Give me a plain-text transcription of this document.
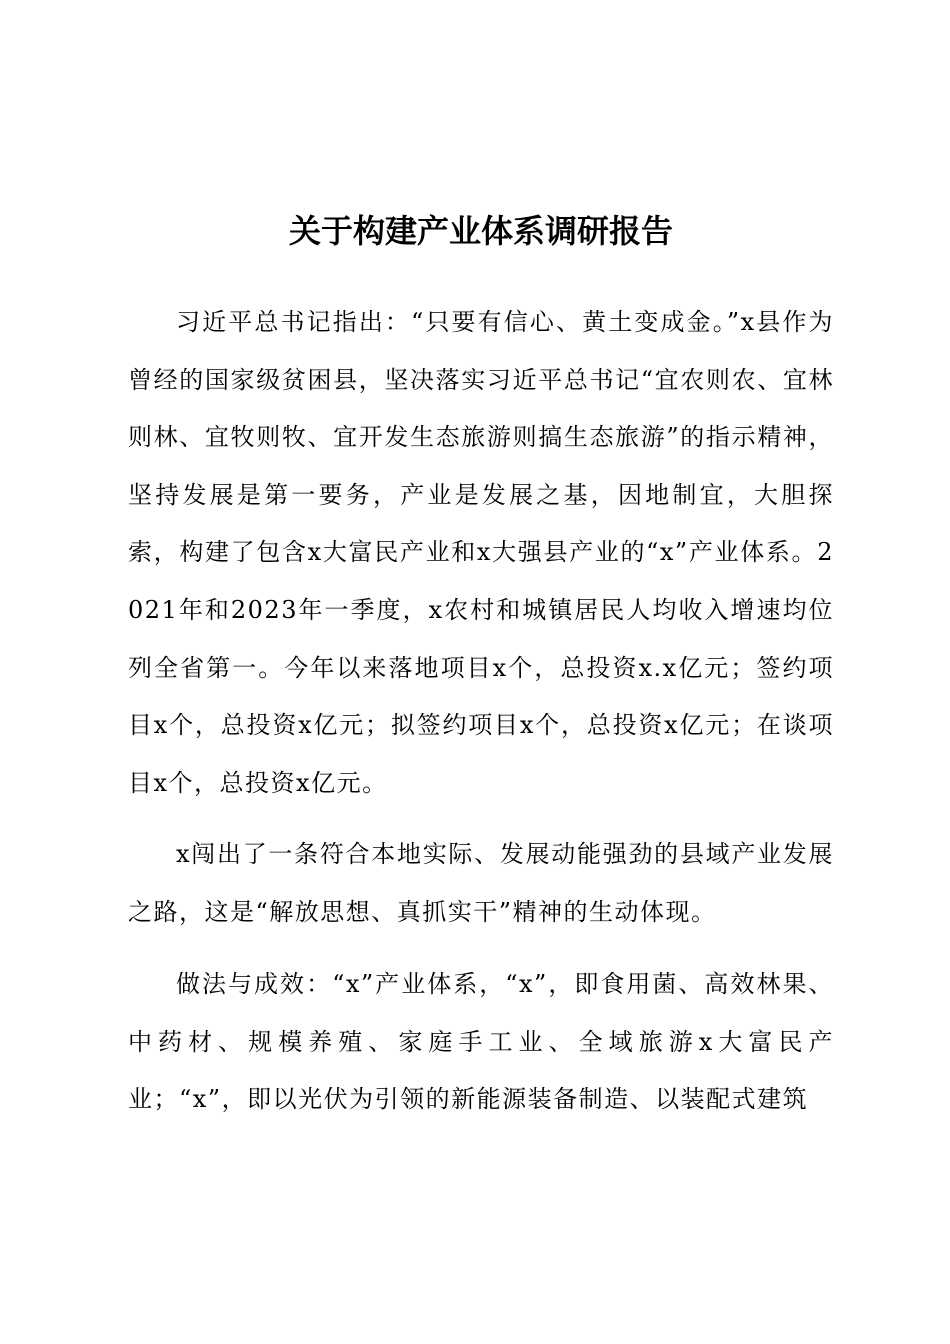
关于构建产业体系调研报告

习近平总书记指出：“只要有信心、黄土变成金。”x县作为曾经的国家级贫困县，坚决落实习近平总书记“宜农则农、宜林则林、宜牧则牧、宜开发生态旅游则搞生态旅游”的指示精神，坚持发展是第一要务，产业是发展之基，因地制宜，大胆探索，构建了包含x大富民产业和x大强县产业的“x”产业体系。2021年和2023年一季度，x农村和城镇居民人均收入增速均位列全省第一。今年以来落地项目x个，总投资x.x亿元；签约项目x个，总投资x亿元；拟签约项目x个，总投资x亿元；在谈项目x个，总投资x亿元。

x闯出了一条符合本地实际、发展动能强劲的县域产业发展之路，这是“解放思想、真抓实干”精神的生动体现。

做法与成效：“x”产业体系，“x”，即食用菌、高效林果、中药材、规模养殖、家庭手工业、全域旅游x大富民产业；“x”，即以光伏为引领的新能源装备制造、以装配式建筑
